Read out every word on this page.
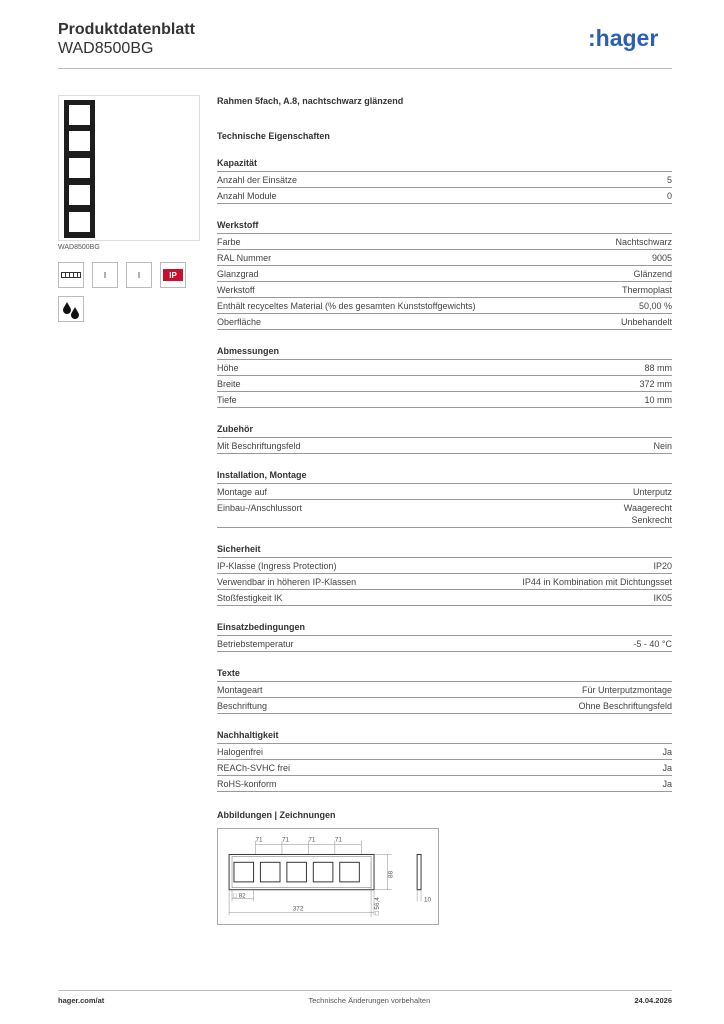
Produktdatenblatt
WAD8500BG	:hager
WAD8500BG
IP
Rahmen 5fach, A.8, nachtschwarz glänzend
Technische Eigenschaften
Kapazität
Anzahl der Einsätze	5
Anzahl Module	0
Werkstoff
Farbe	Nachtschwarz
RAL Nummer	9005
Glanzgrad	Glänzend
Werkstoff	Thermoplast
Enthält recyceltes Material (% des gesamten Kunststoffgewichts)	50,00 %
Oberfläche	Unbehandelt
Abmessungen
Höhe	88 mm
Breite	372 mm
Tiefe	10 mm
Zubehör
Mit Beschriftungsfeld	Nein
Installation, Montage
Montage auf	Unterputz
Einbau-/Anschlussort	Waagerecht
Senkrecht
Sicherheit
IP-Klasse (Ingress Protection)	IP20
Verwendbar in höheren IP-Klassen	IP44 in Kombination mit Dichtungsset
Stoßfestigkeit IK	IK05
Einsatzbedingungen
Betriebstemperatur	-5 - 40 °C
Texte
Montageart	Für Unterputzmontage
Beschriftung	Ohne Beschriftungsfeld
Nachhaltigkeit
Halogenfrei	Ja
REACh-SVHC frei	Ja
RoHS-konform	Ja
Abbildungen | Zeichnungen
71	71	71	71
88
□ 56,4
□ 82
372
10
hager.com/at	Technische Änderungen vorbehalten	24.04.2026
